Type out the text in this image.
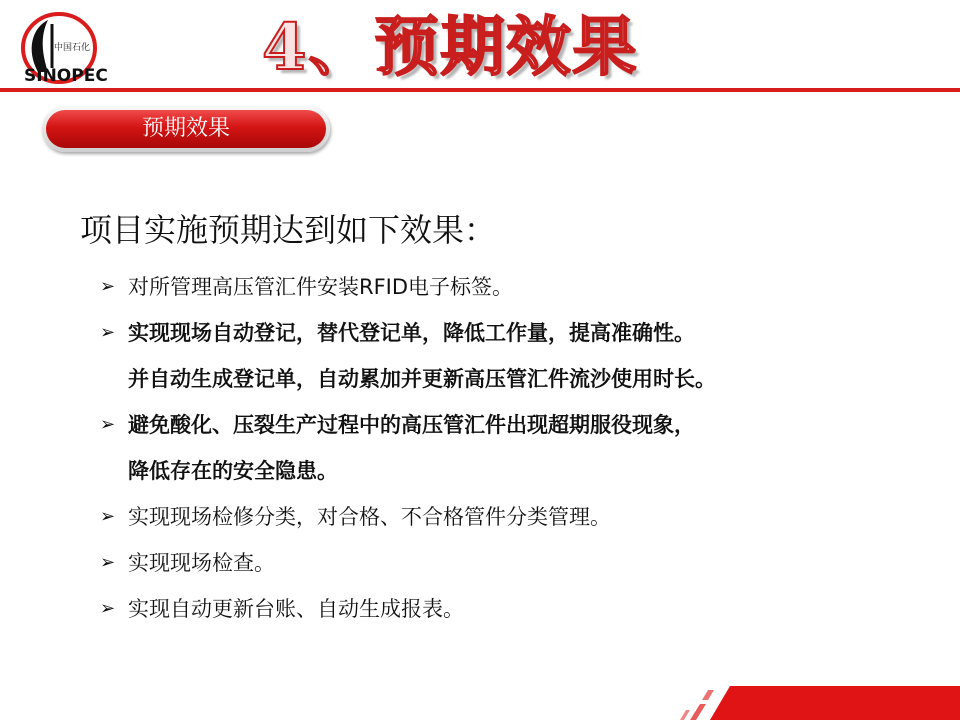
中国石化
SINOPEC 4、预期效果
预期效果
项目实施预期达到如下效果：
➢ 对所管理高压管汇件安装RFID电子标签。
➢ 实现现场自动登记，替代登记单，降低工作量，提高准确性。
并自动生成登记单，自动累加并更新高压管汇件流沙使用时长。
➢ 避免酸化、压裂生产过程中的高压管汇件出现超期服役现象，
降低存在的安全隐患。
➢ 实现现场检修分类，对合格、不合格管件分类管理。
➢ 实现现场检查。
➢ 实现自动更新台账、自动生成报表。
